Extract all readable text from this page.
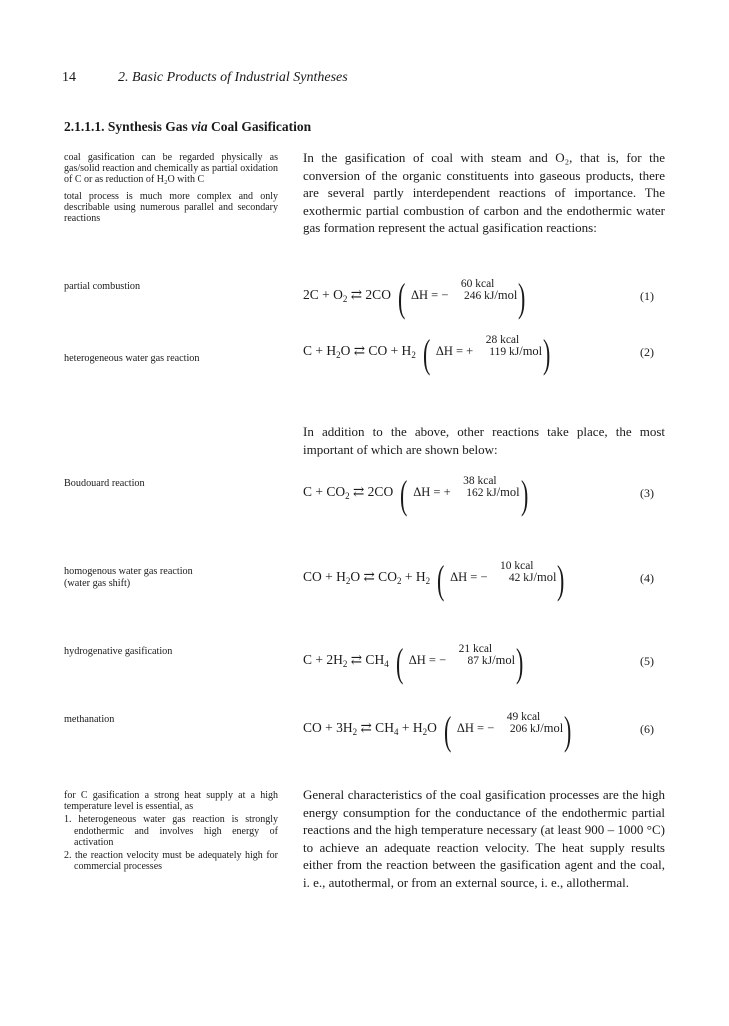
14	2. Basic Products of Industrial Syntheses
2.1.1.1. Synthesis Gas via Coal Gasification

coal gasification can be regarded physically as gas/solid reaction and chemically as partial oxidation of C or as reduction of H₂O with C

total process is much more complex and only describable using numerous parallel and secondary reactions

In the gasification of coal with steam and O₂, that is, for the conversion of the organic constituents into gaseous products, there are several partly interdependent reactions of importance. The exothermic partial combustion of carbon and the endothermic water gas formation represent the actual gasification reactions:

partial combustion
$2C + O_2$ ⇄ 2CO ( ΔH = −
60 kcal
246 kJ /mol )	(1)
heterogeneous water gas reaction
$C + H_2O$ ⇄ CO + $H_2$ ( ΔH = +
28 kcal
119 kJ /mol )	(2)
Boudouard reaction
$C + CO_2$ ⇄ 2CO ( ΔH = +
38 kcal
162 kJ /mol )	(3)
homogenous water gas reaction
(water gas shift)	CO + $H_2O$ ⇄ $CO_2 + H_2$ ( ΔH = −
10 kcal
42 kJ /mol )	(4)
hydrogenative gasification
$C + 2H_2$ ⇄ $CH_4$ ( ΔH = −
21 kcal
87 kJ /mol )	(5)
methanation
CO + $3H_2$ ⇄ $CH_4 + H_2O$ ( ΔH = −
49 kcal
206 kJ /mol )	(6)

In addition to the above, other reactions take place, the most important of which are shown below:

for C gasification a strong heat supply at a high temperature level is essential, as

1. heterogeneous water gas reaction is strongly endothermic and involves high energy of activation
2. the reaction velocity must be adequately high for commercial processes

General characteristics of the coal gasification processes are the high energy consumption for the conductance of the endothermic partial reactions and the high temperature necessary (at least 900 – 1000 °C) to achieve an adequate reaction velocity. The heat supply results either from the reaction between the gasification agent and the coal, i. e., autothermal, or from an external source, i. e., allothermal.
